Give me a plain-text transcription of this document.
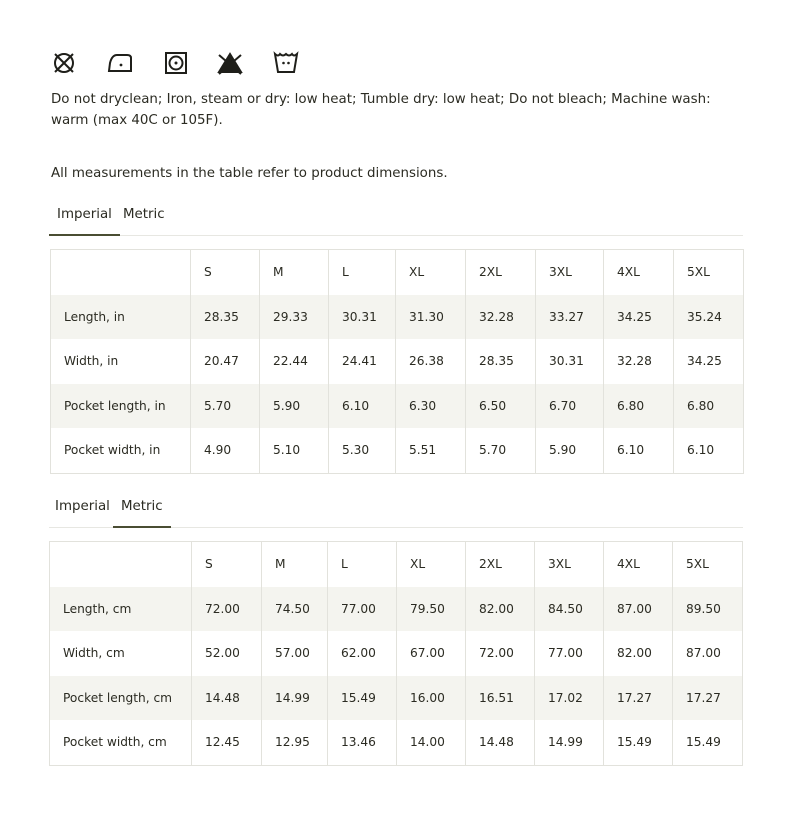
Do not dryclean; Iron, steam or dry: low heat; Tumble dry: low heat; Do not bleach; Machine wash: warm (max 40C or 105F).
All measurements in the table refer to product dimensions.
Imperial Metric
	S	M	L	XL	2XL	3XL	4XL	5XL
Length, in	28.35	29.33	30.31	31.30	32.28	33.27	34.25	35.24
Width, in	20.47	22.44	24.41	26.38	28.35	30.31	32.28	34.25
Pocket length, in	5.70	5.90	6.10	6.30	6.50	6.70	6.80	6.80
Pocket width, in	4.90	5.10	5.30	5.51	5.70	5.90	6.10	6.10
Imperial Metric
	S	M	L	XL	2XL	3XL	4XL	5XL
Length, cm	72.00	74.50	77.00	79.50	82.00	84.50	87.00	89.50
Width, cm	52.00	57.00	62.00	67.00	72.00	77.00	82.00	87.00
Pocket length, cm	14.48	14.99	15.49	16.00	16.51	17.02	17.27	17.27
Pocket width, cm	12.45	12.95	13.46	14.00	14.48	14.99	15.49	15.49
